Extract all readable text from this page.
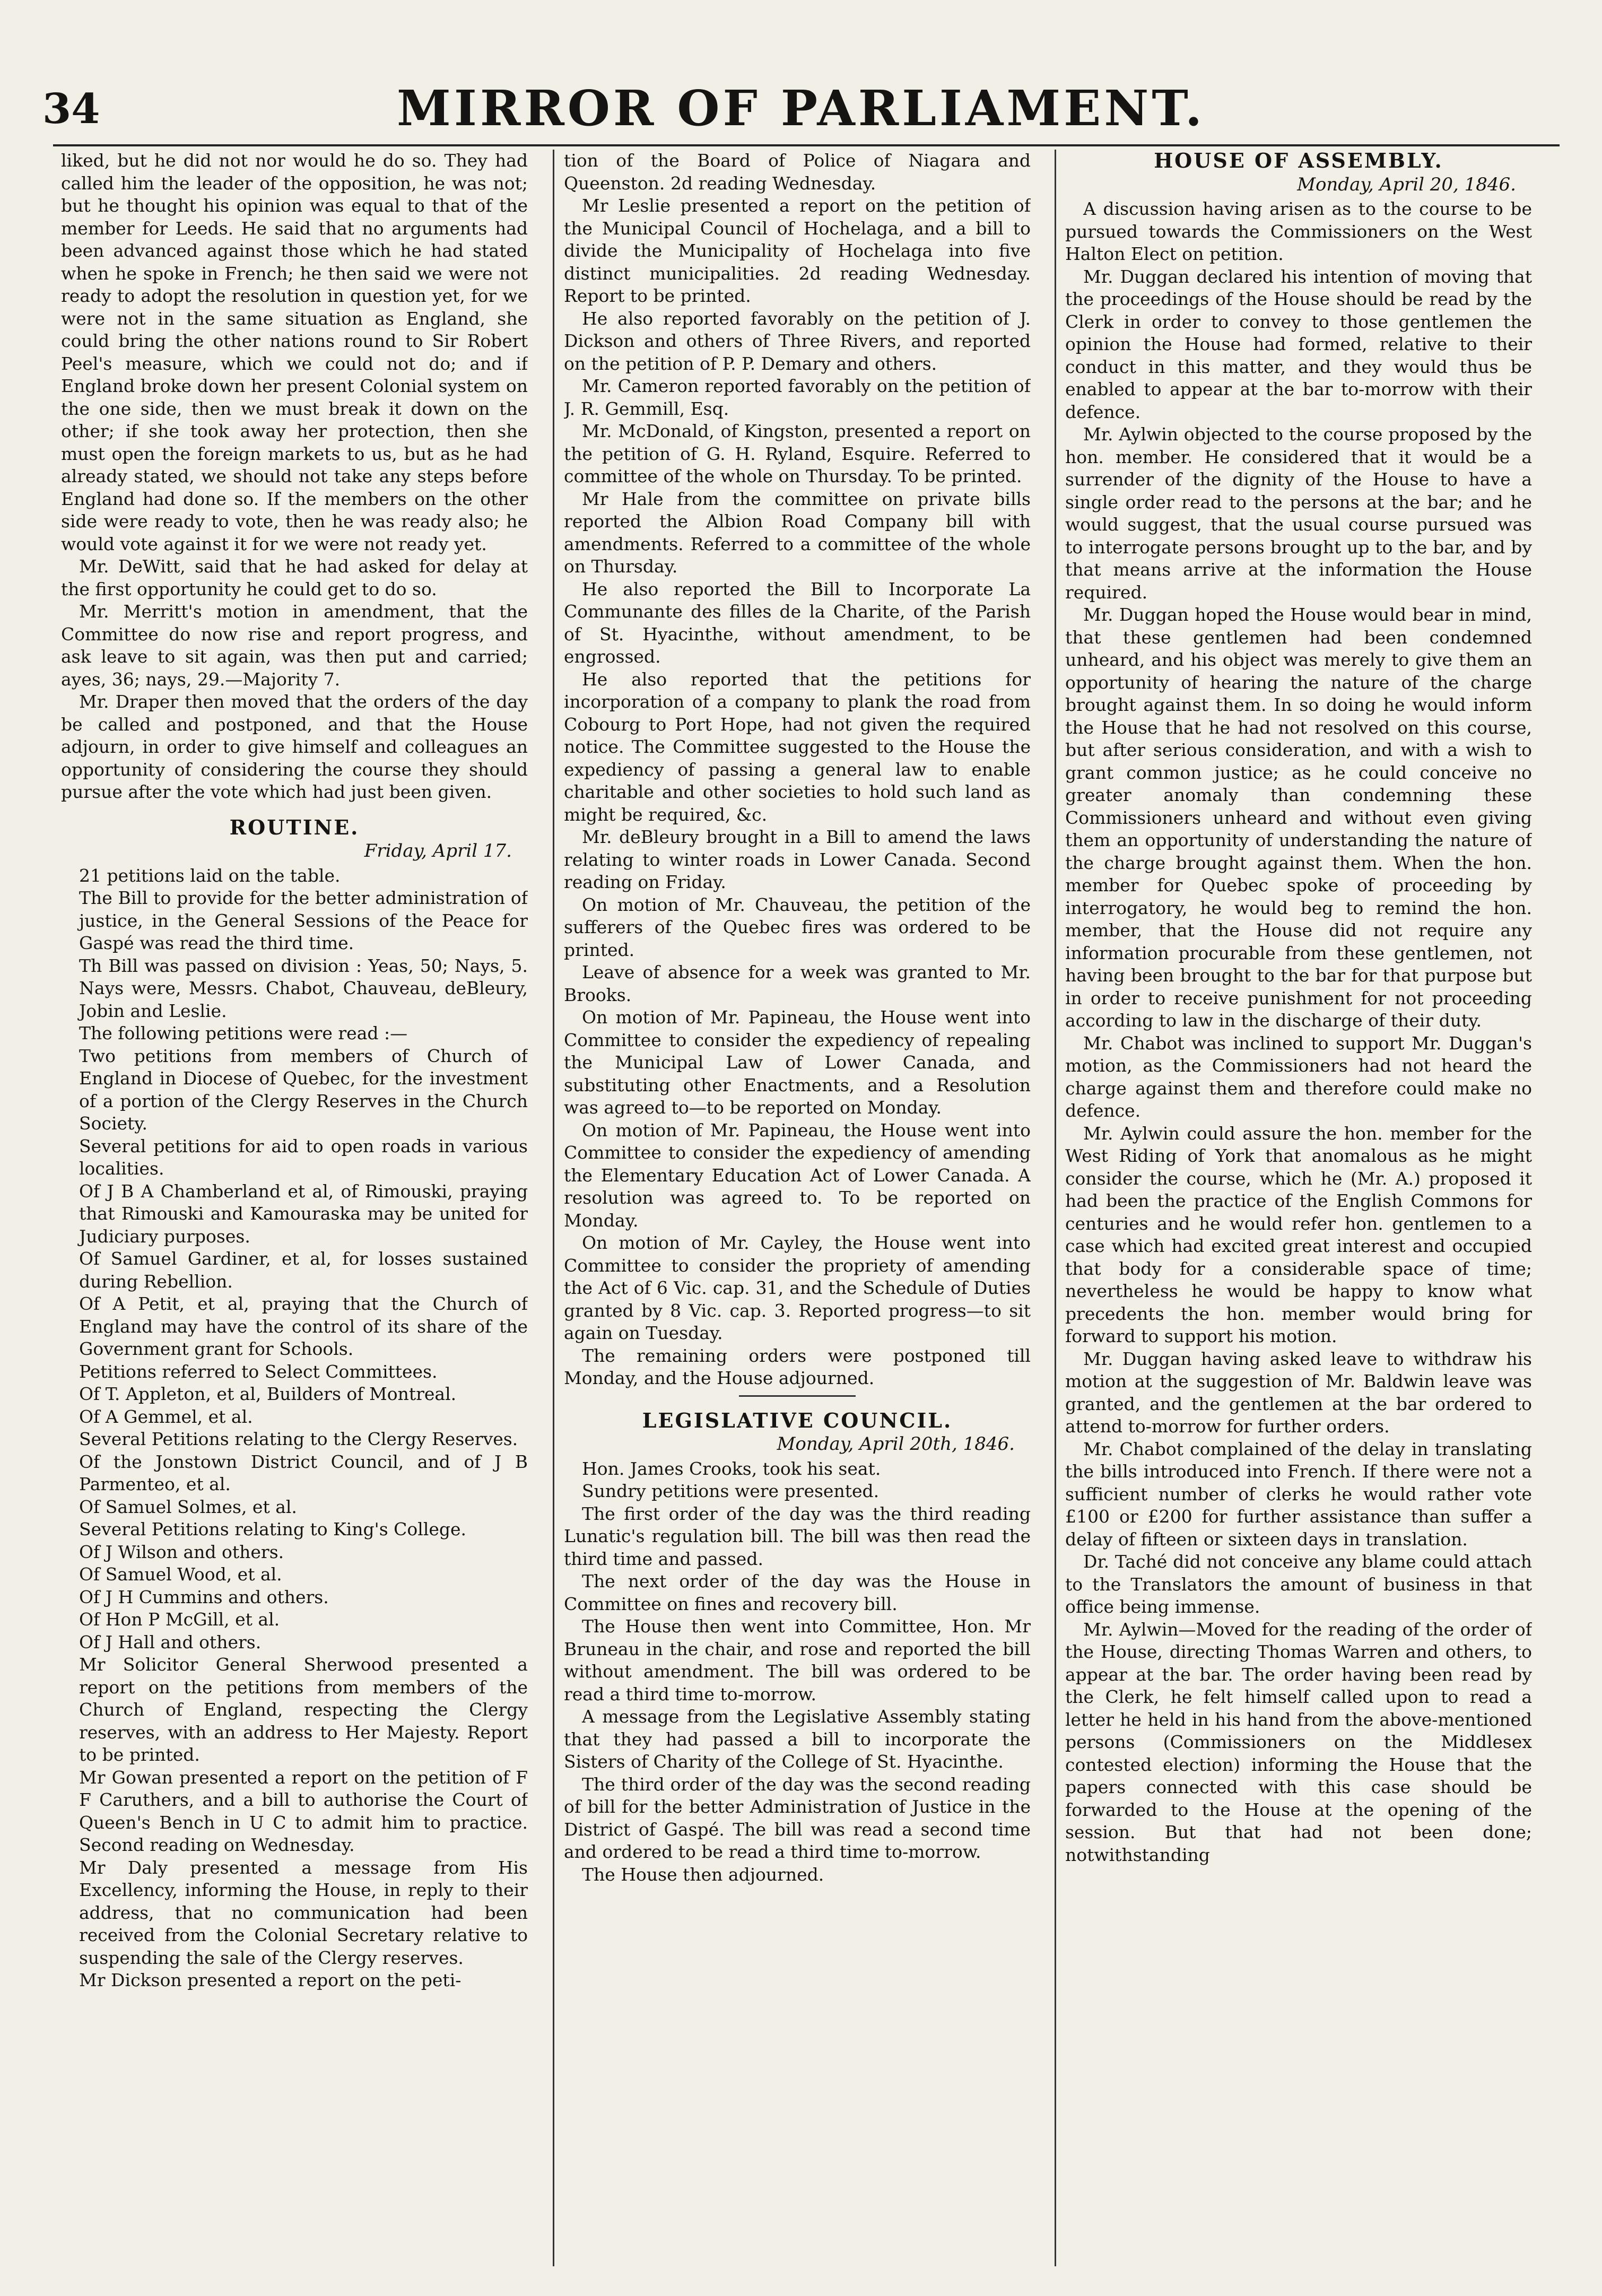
34	MIRROR OF PARLIAMENT.

liked, but he did not nor would he do so. They had called him the leader of the opposition, he was not; but he thought his opinion was equal to that of the member for Leeds. He said that no arguments had been advanced against those which he had stated when he spoke in French; he then said we were not ready to adopt the resolution in question yet, for we were not in the same situation as England, she could bring the other nations round to Sir Robert Peel's measure, which we could not do; and if England broke down her present Colonial system on the one side, then we must break it down on the other; if she took away her protection, then she must open the foreign markets to us, but as he had already stated, we should not take any steps before England had done so. If the members on the other side were ready to vote, then he was ready also; he would vote against it for we were not ready yet.

Mr. DeWitt, said that he had asked for delay at the first opportunity he could get to do so.

Mr. Merritt's motion in amendment, that the Committee do now rise and report progress, and ask leave to sit again, was then put and carried; ayes, 36; nays, 29.—Majority 7.

Mr. Draper then moved that the orders of the day be called and postponed, and that the House adjourn, in order to give himself and colleagues an opportunity of considering the course they should pursue after the vote which had just been given.

ROUTINE.
Friday, April 17.

21 petitions laid on the table.

The Bill to provide for the better administration of justice, in the General Sessions of the Peace for Gaspé was read the third time.

Th Bill was passed on division : Yeas, 50; Nays, 5. Nays were, Messrs. Chabot, Chauveau, deBleury, Jobin and Leslie.

The following petitions were read :—

Two petitions from members of Church of England in Diocese of Quebec, for the investment of a portion of the Clergy Reserves in the Church Society.

Several petitions for aid to open roads in various localities.

Of J B A Chamberland et al, of Rimouski, praying that Rimouski and Kamouraska may be united for Judiciary purposes.

Of Samuel Gardiner, et al, for losses sustained during Rebellion.

Of A Petit, et al, praying that the Church of England may have the control of its share of the Government grant for Schools.

Petitions referred to Select Committees.

Of T. Appleton, et al, Builders of Montreal.

Of A Gemmel, et al.

Several Petitions relating to the Clergy Reserves.

Of the Jonstown District Council, and of J B Parmenteo, et al.

Of Samuel Solmes, et al.

Several Petitions relating to King's College.

Of J Wilson and others.

Of Samuel Wood, et al.

Of J H Cummins and others.

Of Hon P McGill, et al.

Of J Hall and others.

Mr Solicitor General Sherwood presented a report on the petitions from members of the Church of England, respecting the Clergy reserves, with an address to Her Majesty. Report to be printed.

Mr Gowan presented a report on the petition of F F Caruthers, and a bill to authorise the Court of Queen's Bench in U C to admit him to practice. Second reading on Wednesday.

Mr Daly presented a message from His Excellency, informing the House, in reply to their address, that no communication had been received from the Colonial Secretary relative to suspending the sale of the Clergy reserves.

Mr Dickson presented a report on the peti-

tion of the Board of Police of Niagara and Queenston. 2d reading Wednesday.

Mr Leslie presented a report on the petition of the Municipal Council of Hochelaga, and a bill to divide the Municipality of Hochelaga into five distinct municipalities. 2d reading Wednesday. Report to be printed.

He also reported favorably on the petition of J. Dickson and others of Three Rivers, and reported on the petition of P. P. Demary and others.

Mr. Cameron reported favorably on the petition of J. R. Gemmill, Esq.

Mr. McDonald, of Kingston, presented a report on the petition of G. H. Ryland, Esquire. Referred to committee of the whole on Thursday. To be printed.

Mr Hale from the committee on private bills reported the Albion Road Company bill with amendments. Referred to a committee of the whole on Thursday.

He also reported the Bill to Incorporate La Communante des filles de la Charite, of the Parish of St. Hyacinthe, without amendment, to be engrossed.

He also reported that the petitions for incorporation of a company to plank the road from Cobourg to Port Hope, had not given the required notice. The Committee suggested to the House the expediency of passing a general law to enable charitable and other societies to hold such land as might be required, &c.

Mr. deBleury brought in a Bill to amend the laws relating to winter roads in Lower Canada. Second reading on Friday.

On motion of Mr. Chauveau, the petition of the sufferers of the Quebec fires was ordered to be printed.

Leave of absence for a week was granted to Mr. Brooks.

On motion of Mr. Papineau, the House went into Committee to consider the expediency of repealing the Municipal Law of Lower Canada, and substituting other Enactments, and a Resolution was agreed to—to be reported on Monday.

On motion of Mr. Papineau, the House went into Committee to consider the expediency of amending the Elementary Education Act of Lower Canada. A resolution was agreed to. To be reported on Monday.

On motion of Mr. Cayley, the House went into Committee to consider the propriety of amending the Act of 6 Vic. cap. 31, and the Schedule of Duties granted by 8 Vic. cap. 3. Reported progress—to sit again on Tuesday.

The remaining orders were postponed till Monday, and the House adjourned.

LEGISLATIVE COUNCIL.
Monday, April 20th, 1846.

Hon. James Crooks, took his seat.

Sundry petitions were presented.

The first order of the day was the third reading Lunatic's regulation bill. The bill was then read the third time and passed.

The next order of the day was the House in Committee on fines and recovery bill.

The House then went into Committee, Hon. Mr Bruneau in the chair, and rose and reported the bill without amendment. The bill was ordered to be read a third time to-morrow.

A message from the Legislative Assembly stating that they had passed a bill to incorporate the Sisters of Charity of the College of St. Hyacinthe.

The third order of the day was the second reading of bill for the better Administration of Justice in the District of Gaspé. The bill was read a second time and ordered to be read a third time to-morrow.

The House then adjourned.

HOUSE OF ASSEMBLY.
Monday, April 20, 1846.

A discussion having arisen as to the course to be pursued towards the Commissioners on the West Halton Elect on petition.

Mr. Duggan declared his intention of moving that the proceedings of the House should be read by the Clerk in order to convey to those gentlemen the opinion the House had formed, relative to their conduct in this matter, and they would thus be enabled to appear at the bar to-morrow with their defence.

Mr. Aylwin objected to the course proposed by the hon. member. He considered that it would be a surrender of the dignity of the House to have a single order read to the persons at the bar; and he would suggest, that the usual course pursued was to interrogate persons brought up to the bar, and by that means arrive at the information the House required.

Mr. Duggan hoped the House would bear in mind, that these gentlemen had been condemned unheard, and his object was merely to give them an opportunity of hearing the nature of the charge brought against them. In so doing he would inform the House that he had not resolved on this course, but after serious consideration, and with a wish to grant common justice; as he could conceive no greater anomaly than condemning these Commissioners unheard and without even giving them an opportunity of understanding the nature of the charge brought against them. When the hon. member for Quebec spoke of proceeding by interrogatory, he would beg to remind the hon. member, that the House did not require any information procurable from these gentlemen, not having been brought to the bar for that purpose but in order to receive punishment for not proceeding according to law in the discharge of their duty.

Mr. Chabot was inclined to support Mr. Duggan's motion, as the Commissioners had not heard the charge against them and therefore could make no defence.

Mr. Aylwin could assure the hon. member for the West Riding of York that anomalous as he might consider the course, which he (Mr. A.) proposed it had been the practice of the English Commons for centuries and he would refer hon. gentlemen to a case which had excited great interest and occupied that body for a considerable space of time; nevertheless he would be happy to know what precedents the hon. member would bring for forward to support his motion.

Mr. Duggan having asked leave to withdraw his motion at the suggestion of Mr. Baldwin leave was granted, and the gentlemen at the bar ordered to attend to-morrow for further orders.

Mr. Chabot complained of the delay in translating the bills introduced into French. If there were not a sufficient number of clerks he would rather vote £100 or £200 for further assistance than suffer a delay of fifteen or sixteen days in translation.

Dr. Taché did not conceive any blame could attach to the Translators the amount of business in that office being immense.

Mr. Aylwin—Moved for the reading of the order of the House, directing Thomas Warren and others, to appear at the bar. The order having been read by the Clerk, he felt himself called upon to read a letter he held in his hand from the above-mentioned persons (Commissioners on the Middlesex contested election) informing the House that the papers connected with this case should be forwarded to the House at the opening of the session. But that had not been done; notwithstanding
